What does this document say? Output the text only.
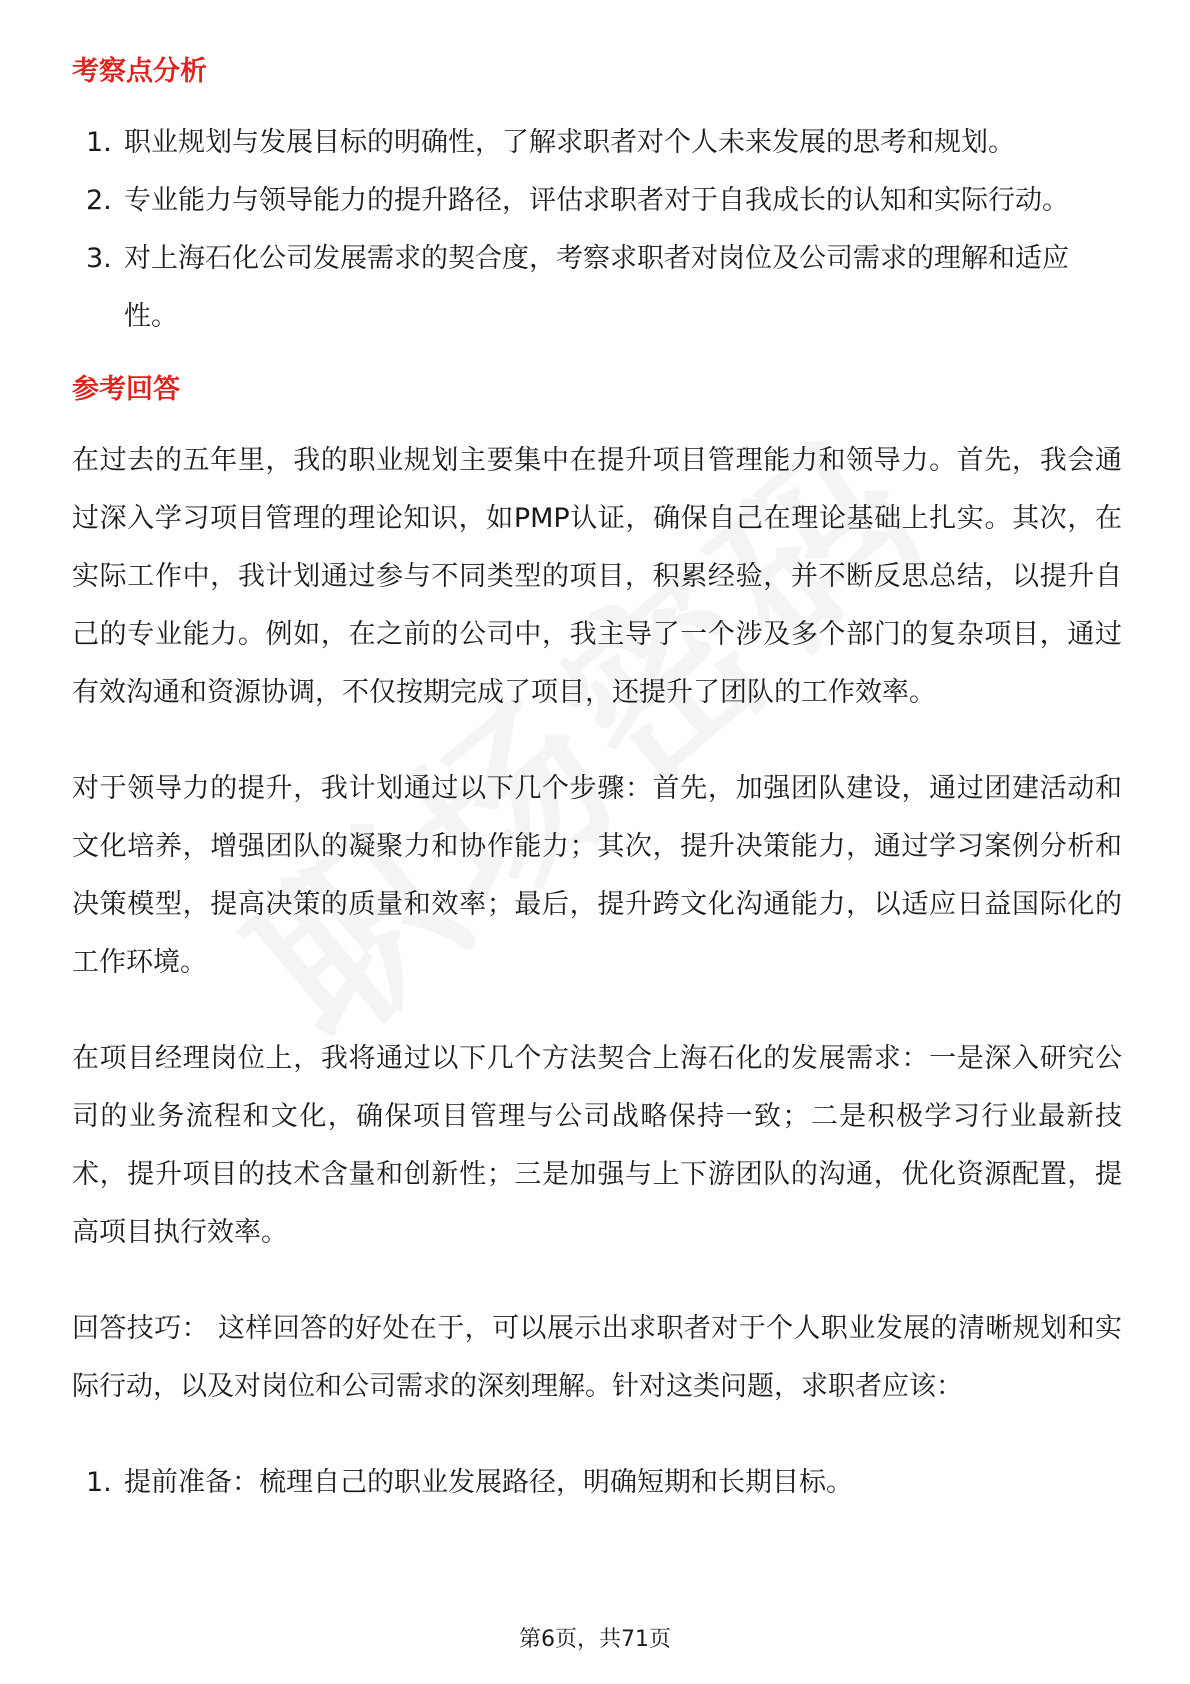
考察点分析
1. 职业规划与发展目标的明确性，了解求职者对个人未来发展的思考和规划。
2. 专业能力与领导能力的提升路径，评估求职者对于自我成长的认知和实际行动。
3. 对上海石化公司发展需求的契合度，考察求职者对岗位及公司需求的理解和适应性。
参考回答

在过去的五年里，我的职业规划主要集中在提升项目管理能力和领导力。首先，我会通过深入学习项目管理的理论知识，如PMP认证，确保自己在理论基础上扎实。其次，在实际工作中，我计划通过参与不同类型的项目，积累经验，并不断反思总结，以提升自己的专业能力。例如，在之前的公司中，我主导了一个涉及多个部门的复杂项目，通过有效沟通和资源协调，不仅按期完成了项目，还提升了团队的工作效率。

对于领导力的提升，我计划通过以下几个步骤：首先，加强团队建设，通过团建活动和文化培养，增强团队的凝聚力和协作能力；其次，提升决策能力，通过学习案例分析和决策模型，提高决策的质量和效率；最后，提升跨文化沟通能力，以适应日益国际化的工作环境。

在项目经理岗位上，我将通过以下几个方法契合上海石化的发展需求：一是深入研究公司的业务流程和文化，确保项目管理与公司战略保持一致；二是积极学习行业最新技术，提升项目的技术含量和创新性；三是加强与上下游团队的沟通，优化资源配置，提高项目执行效率。

回答技巧： 这样回答的好处在于，可以展示出求职者对于个人职业发展的清晰规划和实际行动，以及对岗位和公司需求的深刻理解。针对这类问题，求职者应该：

1. 提前准备：梳理自己的职业发展路径，明确短期和长期目标。
第6页，共71页
